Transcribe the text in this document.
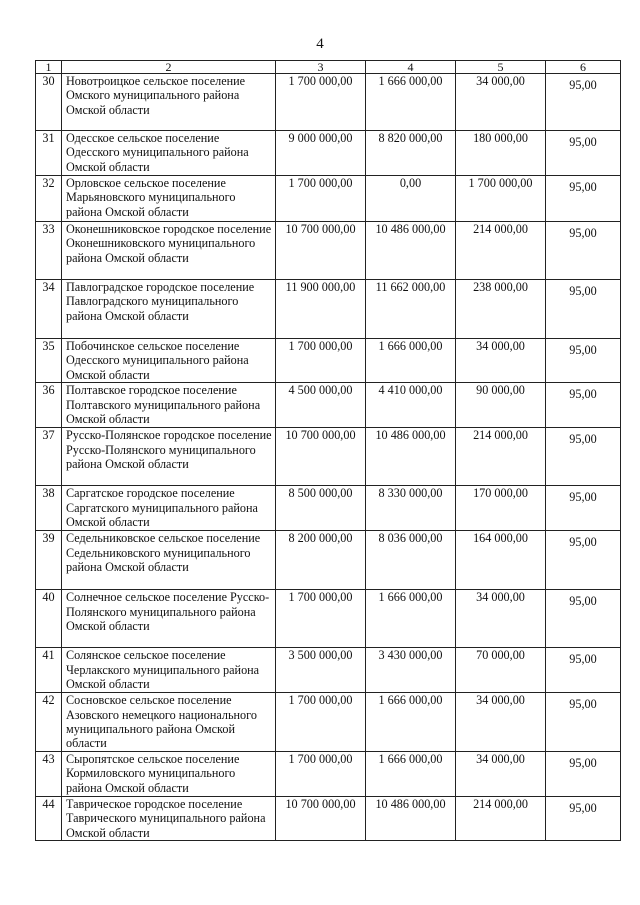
4
1	2	3	4	5	6
30	Новотроицкое сельское поселение Омского муниципального района Омской области	1 700 000,00	1 666 000,00	34 000,00	95,00
31	Одесское сельское поселение Одесского муниципального района Омской области	9 000 000,00	8 820 000,00	180 000,00	95,00
32	Орловское сельское поселение Марьяновского муниципального района Омской области	1 700 000,00	0,00	1 700 000,00	95,00
33	Оконешниковское городское поселение Оконешниковского муниципального района Омской области	10 700 000,00	10 486 000,00	214 000,00	95,00
34	Павлоградское городское поселение Павлоградского муниципального района Омской области	11 900 000,00	11 662 000,00	238 000,00	95,00
35	Побочинское сельское поселение Одесского муниципального района Омской области	1 700 000,00	1 666 000,00	34 000,00	95,00
36	Полтавское городское поселение Полтавского муниципального района Омской области	4 500 000,00	4 410 000,00	90 000,00	95,00
37	Русско-Полянское городское поселение Русско-Полянского муниципального района Омской области	10 700 000,00	10 486 000,00	214 000,00	95,00
38	Саргатское городское поселение Саргатского муниципального района Омской области	8 500 000,00	8 330 000,00	170 000,00	95,00
39	Седельниковское сельское поселение Седельниковского муниципального района Омской области	8 200 000,00	8 036 000,00	164 000,00	95,00
40	Солнечное сельское поселение Русско-Полянского муниципального района Омской области	1 700 000,00	1 666 000,00	34 000,00	95,00
41	Солянское сельское поселение Черлакского муниципального района Омской области	3 500 000,00	3 430 000,00	70 000,00	95,00
42	Сосновское сельское поселение Азовского немецкого национального муниципального района Омской области	1 700 000,00	1 666 000,00	34 000,00	95,00
43	Сыропятское сельское поселение Кормиловского муниципального района Омской области	1 700 000,00	1 666 000,00	34 000,00	95,00
44	Таврическое городское поселение Таврического муниципального района Омской области	10 700 000,00	10 486 000,00	214 000,00	95,00
